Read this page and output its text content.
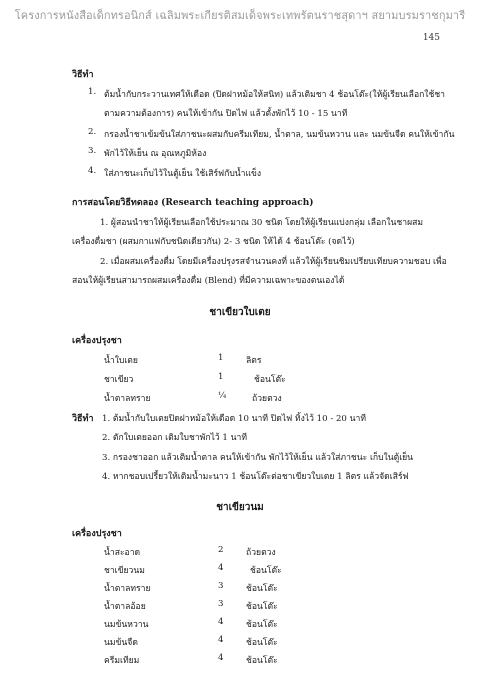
โครงการหนังสือเด็กทรอนิกส์ เฉลิมพระเกียรติสมเด็จพระเทพรัตนราชสุดาฯ สยามบรมราชกุมารี
145
วิธีทำ
1. ต้มน้ำกับกระวานเทศให้เดือด (ปิดฝาหม้อให้สนิท) แล้วเติมชา 4 ช้อนโต๊ะ(ให้ผู้เรียนเลือกใช้ชา
ตามความต้องการ) คนให้เข้ากัน ปิดไฟ แล้วตั้งพักไว้ 10 - 15 นาที
2. กรองน้ำชาเข้มข้นใส่ภาชนะผสมกับครีมเทียม, น้ำตาล, นมข้นหวาน และ นมข้นจืด คนให้เข้ากัน
3. พักไว้ให้เย็น ณ อุณหภูมิห้อง
4. ใส่ภาชนะเก็บไว้ในตู้เย็น ใช้เสิร์ฟกับน้ำแข็ง
การสอนโดยวิธีทดลอง (Research teaching approach)
1. ผู้สอนนำชาให้ผู้เรียนเลือกใช้ประมาณ 30 ชนิด โดยให้ผู้เรียนแบ่งกลุ่ม เลือกในชาผสม
เครื่องดื่มชา (ผสมกาแฟกับชนิดเดียวกัน) 2- 3 ชนิด ให้ได้ 4 ช้อนโต๊ะ (จดไว้)
2. เมื่อผสมเครื่องดื่ม โดยมีเครื่องปรุงรสจำนวนคงที่ แล้วให้ผู้เรียนชิมเปรียบเทียบความชอบ เพื่อ
สอนให้ผู้เรียนสามารถผสมเครื่องดื่ม (Blend) ที่มีความเฉพาะของตนเองได้
ชาเขียวใบเตย
เครื่องปรุงชา
น้ำใบเตย	1	ลิตร
ชาเขียว	1	ช้อนโต๊ะ
น้ำตาลทราย	¼	ถ้วยตวง
วิธีทำ 1. ต้มน้ำกับใบเตยปิดฝาหม้อให้เดือด 10 นาที ปิดไฟ ทิ้งไว้ 10 - 20 นาที
2. ตักใบเตยออก เติมใบชาพักไว้ 1 นาที
3. กรองชาออก แล้วเติมน้ำตาล คนให้เข้ากัน พักไว้ให้เย็น แล้วใส่ภาชนะ เก็บในตู้เย็น
4. หากชอบเปรี้ยวให้เติมน้ำมะนาว 1 ช้อนโต๊ะต่อชาเขียวใบเตย 1 ลิตร แล้วจัดเสิร์ฟ
ชาเขียวนม
เครื่องปรุงชา
น้ำสะอาด	2	ถ้วยตวง
ชาเขียวนม	4	ช้อนโต๊ะ
น้ำตาลทราย	3	ช้อนโต๊ะ
น้ำตาลอ้อย	3	ช้อนโต๊ะ
นมข้นหวาน	4	ช้อนโต๊ะ
นมข้นจืด	4	ช้อนโต๊ะ
ครีมเทียม	4	ช้อนโต๊ะ
